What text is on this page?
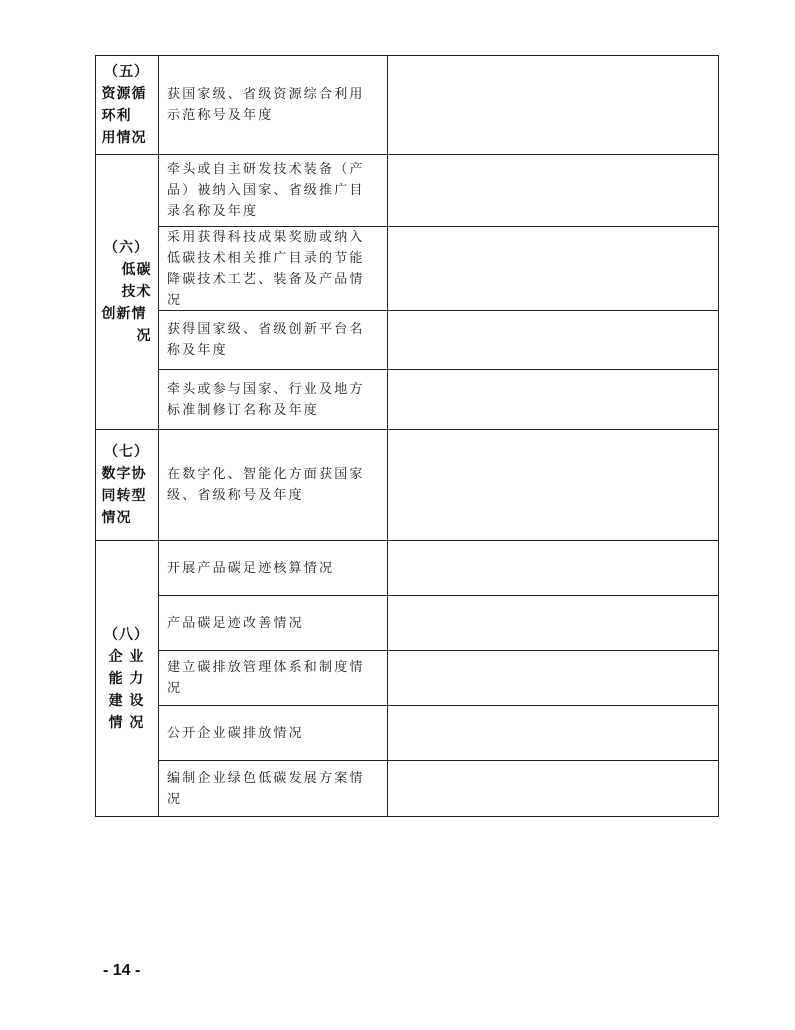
（五）
资源循
环利
用情况
获国家级、省级资源综合利用示范称号及年度
（六）
低碳
技术
创新情
况
牵头或自主研发技术装备（产品）被纳入国家、省级推广目录名称及年度
采用获得科技成果奖励或纳入低碳技术相关推广目录的节能降碳技术工艺、装备及产品情况
获得国家级、省级创新平台名称及年度
牵头或参与国家、行业及地方标准制修订名称及年度
（七）
数字协
同转型
情况
在数字化、智能化方面获国家级、省级称号及年度
（八）
企 业
能 力
建 设
情 况
开展产品碳足迹核算情况
产品碳足迹改善情况
建立碳排放管理体系和制度情况
公开企业碳排放情况
编制企业绿色低碳发展方案情况
- 14 -
